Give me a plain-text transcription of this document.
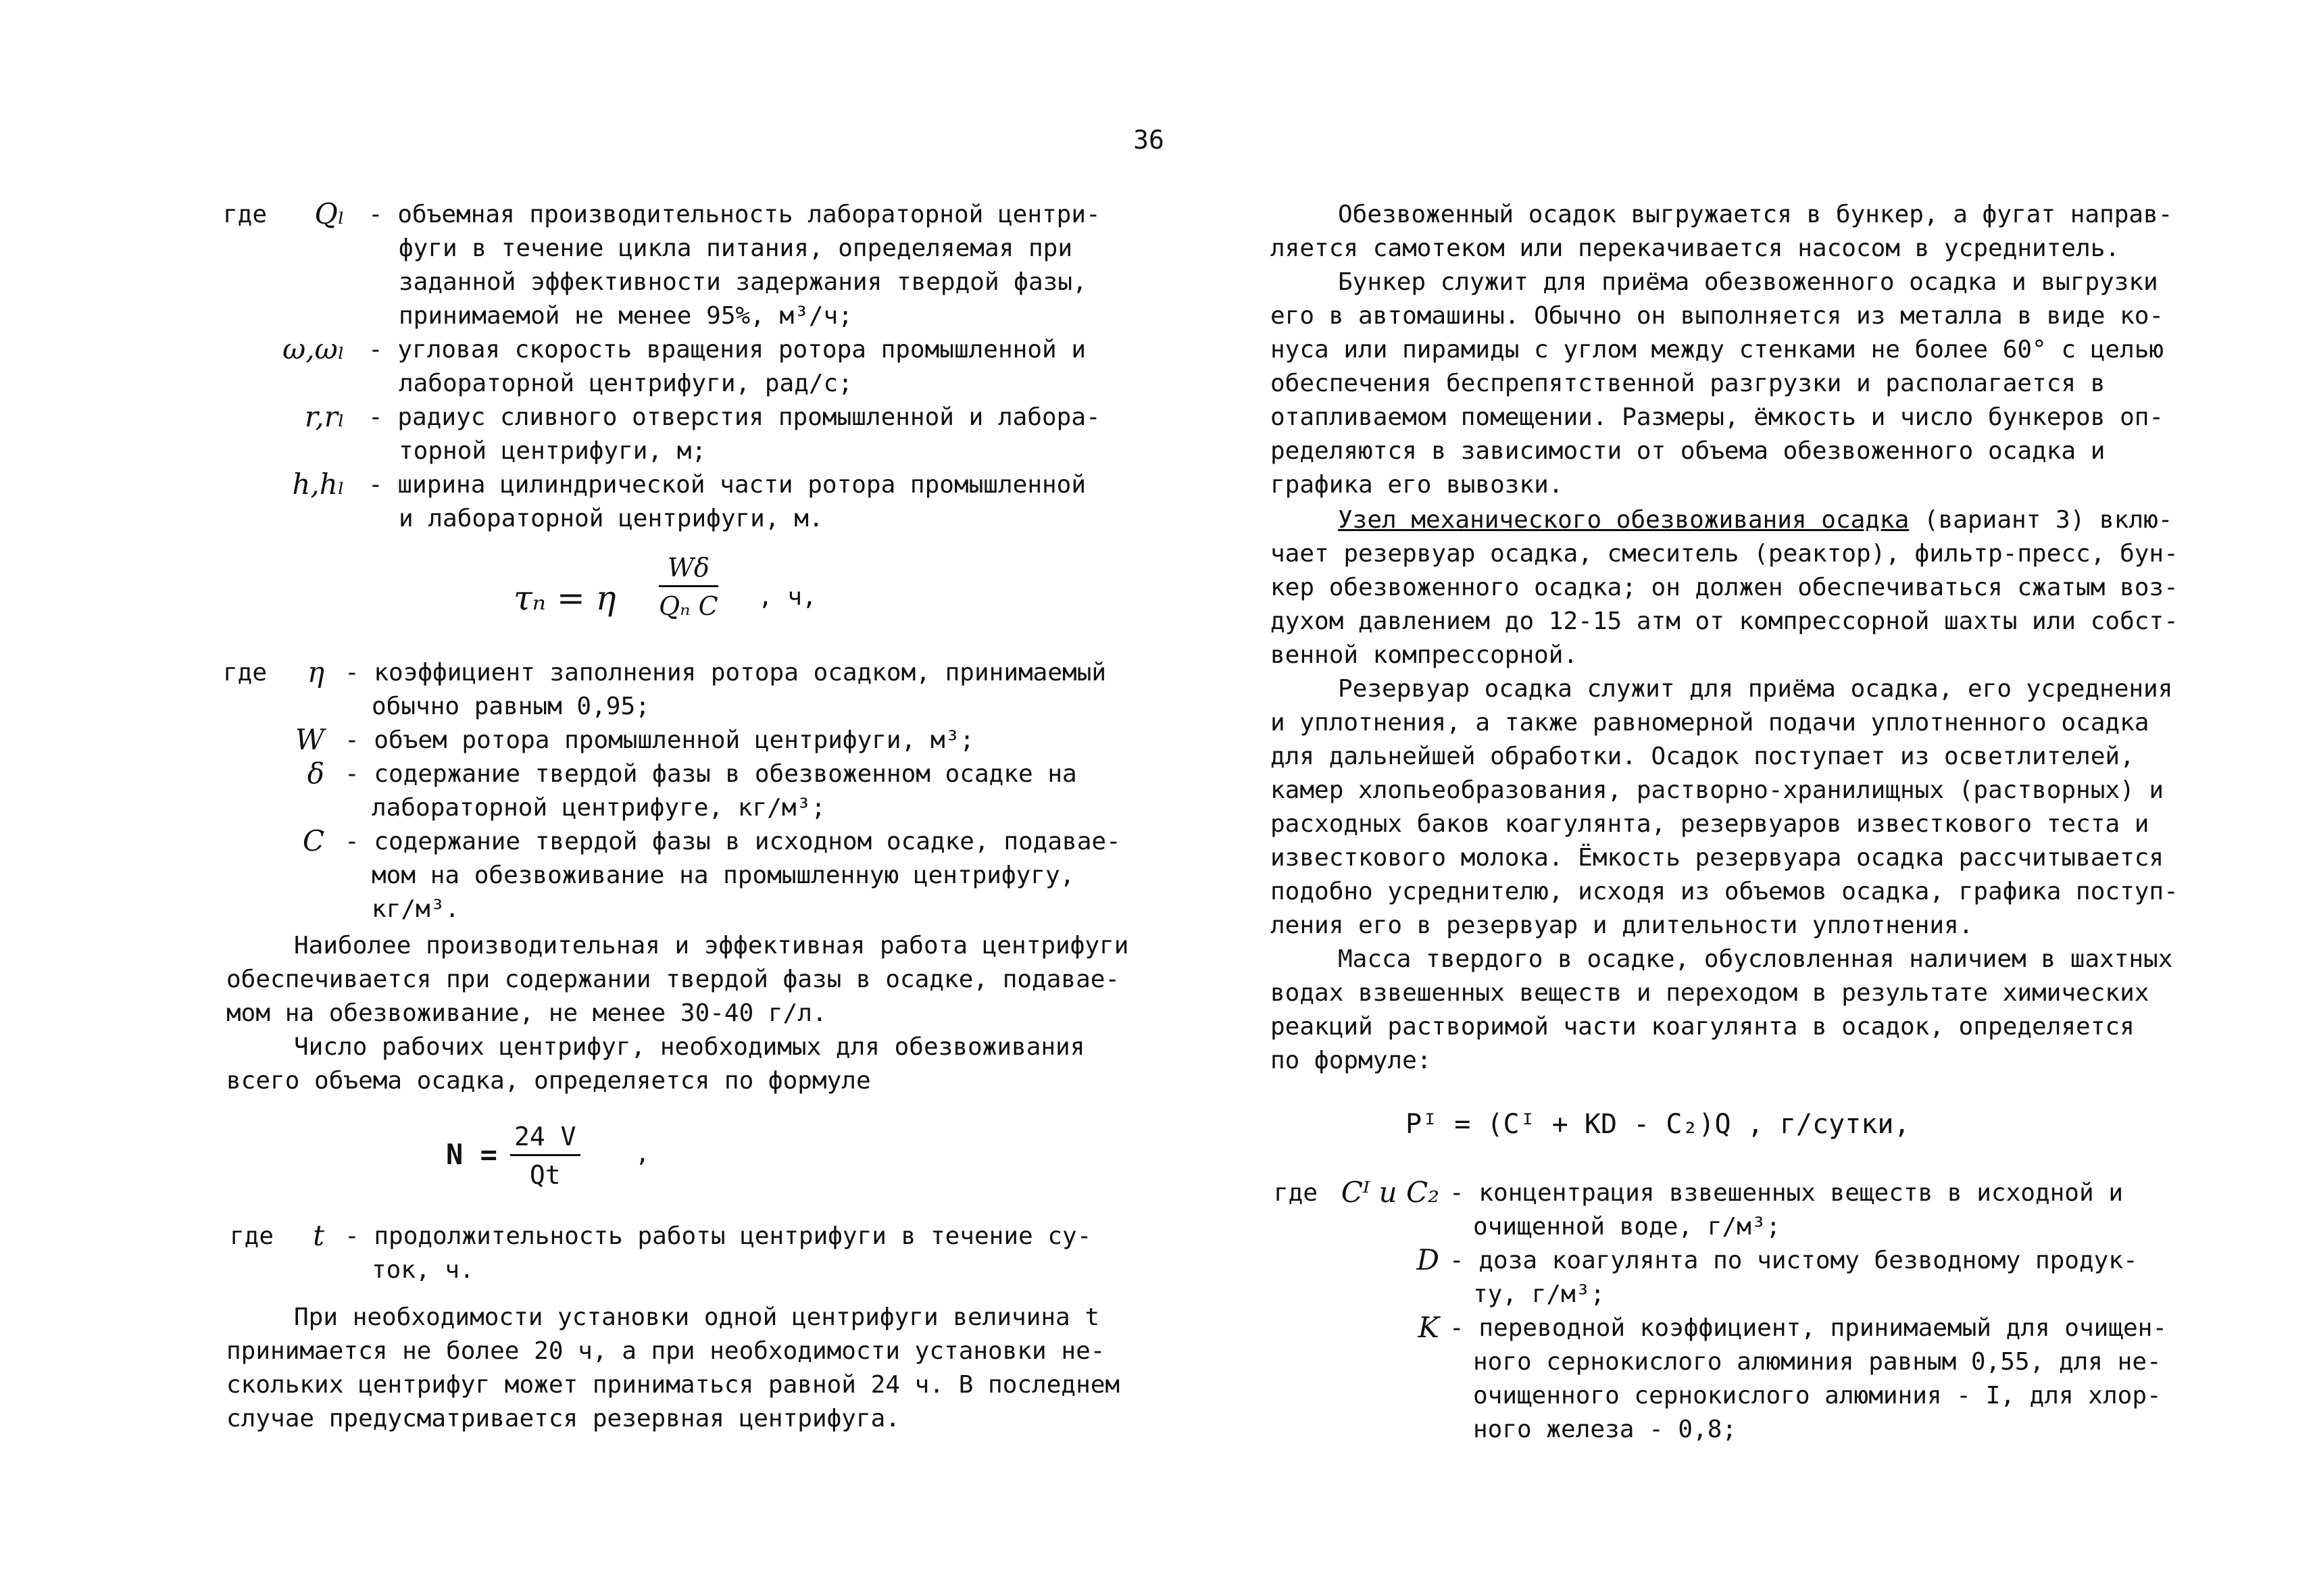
36
где Qₗ - объемная производительность лабораторной центри-
фуги в течение цикла питания, определяемая при
заданной эффективности задержания твердой фазы,
принимаемой не менее 95%, м³/ч;
ω,ωₗ - угловая скорость вращения ротора промышленной и
лабораторной центрифуги, рад/с;
r,rₗ - радиус сливного отверстия промышленной и лабора-
торной центрифуги, м;
h,hₗ - ширина цилиндрической части ротора промышленной
и лабораторной центрифуги, м.
где η - коэффициент заполнения ротора осадком, принимаемый
обычно равным 0,95;
W - объем ротора промышленной центрифуги, м³;
δ - содержание твердой фазы в обезвоженном осадке на
лабораторной центрифуге, кг/м³;
C - содержание твердой фазы в исходном осадке, подавае-
мом на обезвоживание на промышленную центрифугу,
кг/м³.
Наиболее производительная и эффективная работа центрифуги
обеспечивается при содержании твердой фазы в осадке, подавае-
мом на обезвоживание, не менее 30-40 г/л.
Число рабочих центрифуг, необходимых для обезвоживания
всего объема осадка, определяется по формуле
где t - продолжительность работы центрифуги в течение су-
ток, ч.
При необходимости установки одной центрифуги величина t
принимается не более 20 ч, а при необходимости установки не-
скольких центрифуг может приниматься равной 24 ч. В последнем
случае предусматривается резервная центрифуга.
τₙ = η $\frac{W\delta}{\text{Qₙ C}}$ , ч,
$N = \frac{24 V}{Qt}$ ,
Обезвоженный осадок выгружается в бункер, а фугат направ-
ляется самотеком или перекачивается насосом в усреднитель.
Бункер служит для приёма обезвоженного осадка и выгрузки
его в автомашины. Обычно он выполняется из металла в виде ко-
нуса или пирамиды с углом между стенками не более 60° с целью
обеспечения беспрепятственной разгрузки и располагается в
отапливаемом помещении. Размеры, ёмкость и число бункеров оп-
ределяются в зависимости от объема обезвоженного осадка и
графика его вывозки.
чает резервуар осадка, смеситель (реактор), фильтр-пресс, бун-
кер обезвоженного осадка; он должен обеспечиваться сжатым воз-
духом давлением до 12-15 атм от компрессорной шахты или собст-
венной компрессорной.
Резервуар осадка служит для приёма осадка, его усреднения
и уплотнения, а также равномерной подачи уплотненного осадка
для дальнейшей обработки. Осадок поступает из осветлителей,
камер хлопьеобразования, растворно-хранилищных (растворных) и
расходных баков коагулянта, резервуаров известкового теста и
известкового молока. Ёмкость резервуара осадка рассчитывается
подобно усреднителю, исходя из объемов осадка, графика поступ-
ления его в резервуар и длительности уплотнения.
Масса твердого в осадке, обусловленная наличием в шахтных
водах взвешенных веществ и переходом в результате химических
реакций растворимой части коагулянта в осадок, определяется
по формуле:
где Cᴵ и C₂ - концентрация взвешенных веществ в исходной и
очищенной воде, г/м³;
D - доза коагулянта по чистому безводному продук-
ту, г/м³;
K - переводной коэффициент, принимаемый для очищен-
ного сернокислого алюминия равным 0,55, для не-
очищенного сернокислого алюминия - I, для хлор-
ного железа - 0,8;
Узел механического обезвоживания осадка (вариант 3) вклю-
Pᴵ = (Cᴵ + KD - C₂)Q , г/сутки,
